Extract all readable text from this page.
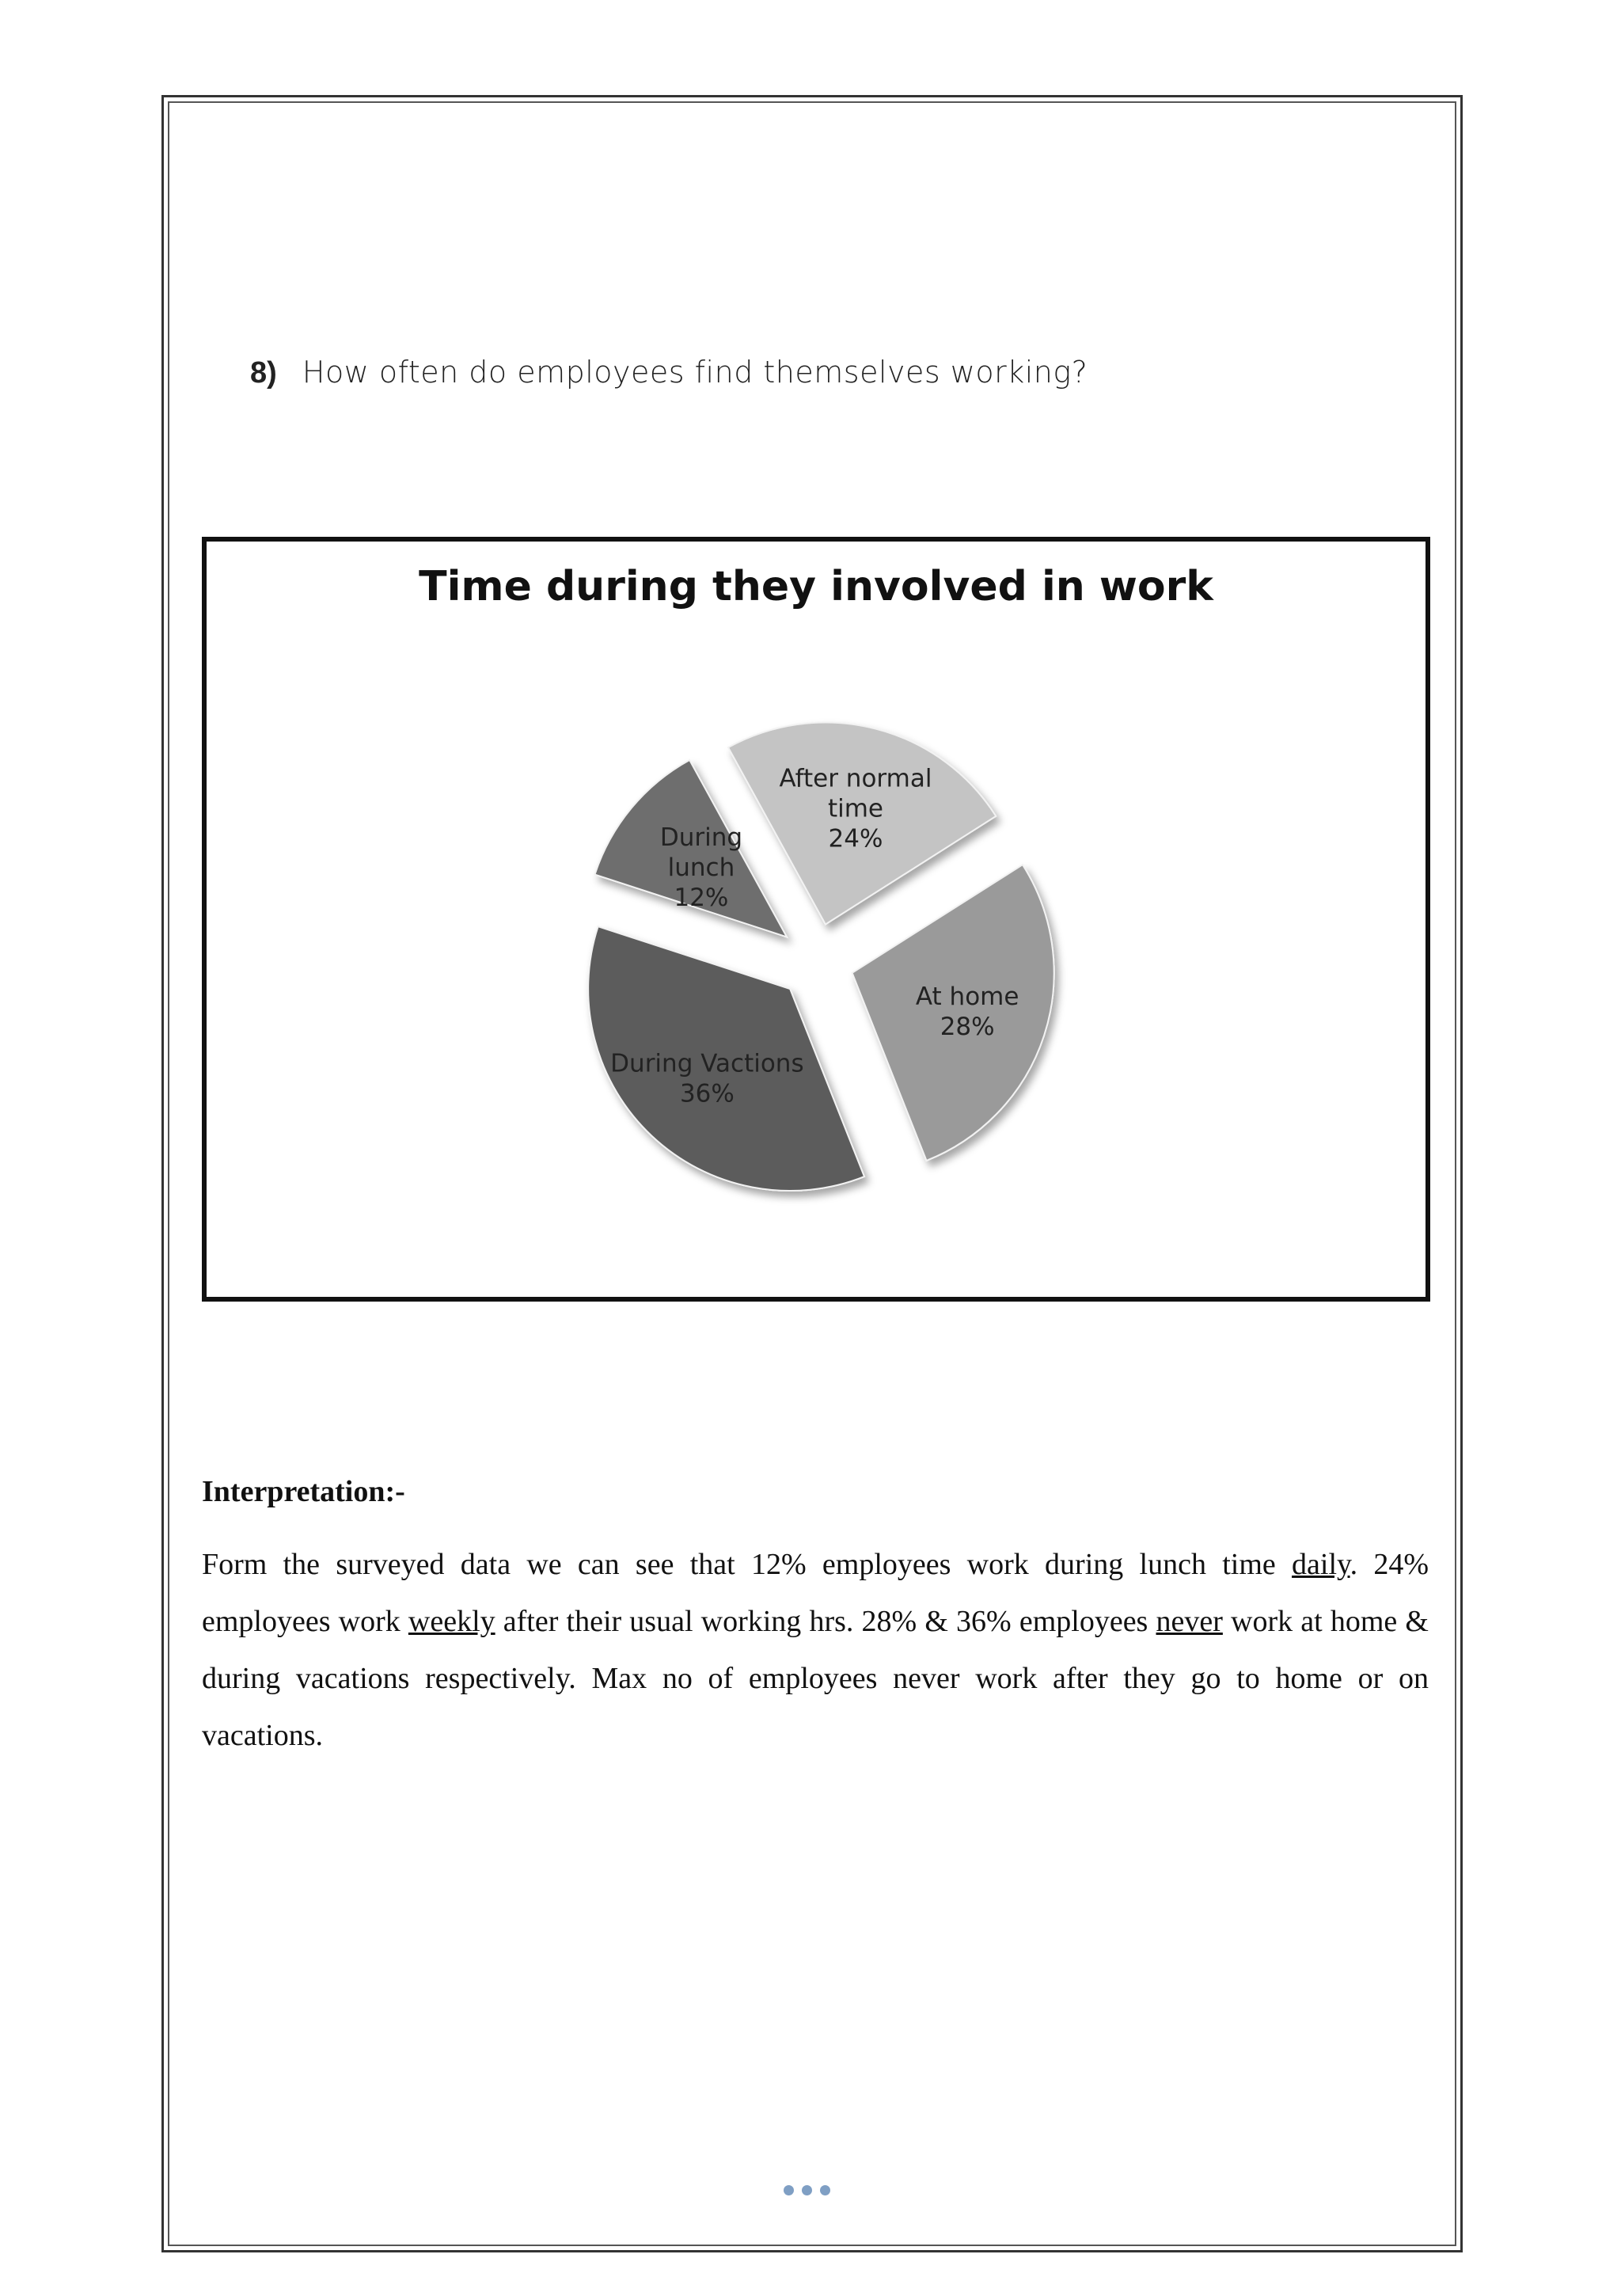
8) How often do employees find themselves working?
Time during they involved in work
During lunch 12%
After normal time 24%
At home 28%
During Vactions 36%
Interpretation:-
Form the surveyed data we can see that 12% employees work during lunch time daily. 24% employees work weekly after their usual working hrs. 28% & 36% employees never work at home & during vacations respectively. Max no of employees never work after they go to home or on vacations.
